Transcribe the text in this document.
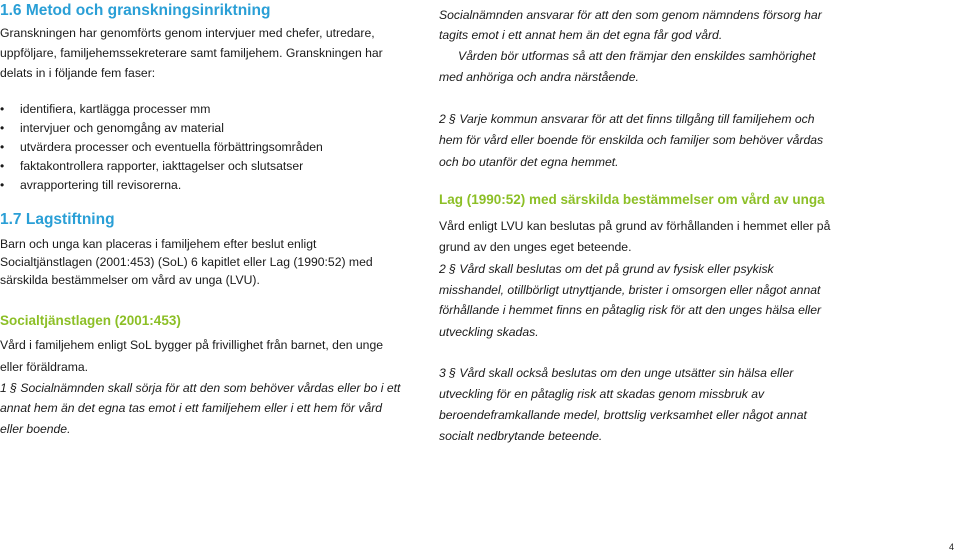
1.6 Metod och granskningsinriktning

Granskningen har genomförts genom intervjuer med chefer, utredare,

uppföljare, familjehemssekreterare samt familjehem. Granskningen har

delats in i följande fem faser:

• identifiera, kartlägga processer mm

• intervjuer och genomgång av material

• utvärdera processer och eventuella förbättringsområden

• faktakontrollera rapporter, iakttagelser och slutsatser

• avrapportering till revisorerna.

1.7 Lagstiftning

Barn och unga kan placeras i familjehem efter beslut enligt

Socialtjänstlagen (2001:453) (SoL) 6 kapitlet eller Lag (1990:52) med

särskilda bestämmelser om vård av unga (LVU).

Socialtjänstlagen (2001:453)

Vård i familjehem enligt SoL bygger på frivillighet från barnet, den unge

eller föräldrama.

1 § Socialnämnden skall sörja för att den som behöver vårdas eller bo i ett

annat hem än det egna tas emot i ett familjehem eller i ett hem för vård

eller boende.

Socialnämnden ansvarar för att den som genom nämndens försorg har

tagits emot i ett annat hem än det egna får god vård.

Vården bör utformas så att den främjar den enskildes samhörighet

med anhöriga och andra närstående.

2 § Varje kommun ansvarar för att det finns tillgång till familjehem och

hem för vård eller boende för enskilda och familjer som behöver vårdas

och bo utanför det egna hemmet.

Lag (1990:52) med särskilda bestämmelser om vård av unga

Vård enligt LVU kan beslutas på grund av förhållanden i hemmet eller på

grund av den unges eget beteende.

2 § Vård skall beslutas om det på grund av fysisk eller psykisk

misshandel, otillbörligt utnyttjande, brister i omsorgen eller något annat

förhållande i hemmet finns en påtaglig risk för att den unges hälsa eller

utveckling skadas.

3 § Vård skall också beslutas om den unge utsätter sin hälsa eller

utveckling för en påtaglig risk att skadas genom missbruk av

beroendeframkallande medel, brottslig verksamhet eller något annat

socialt nedbrytande beteende.

4
